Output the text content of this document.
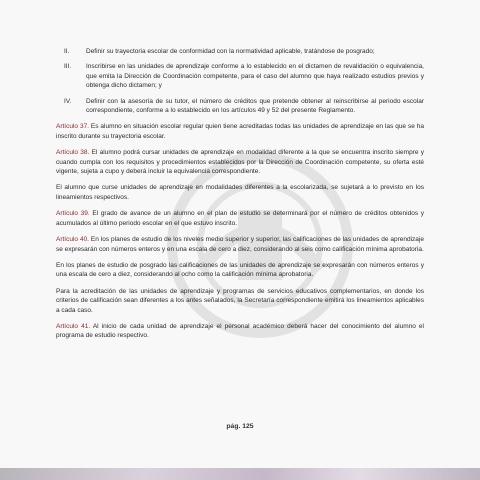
II.	Definir su trayectoria escolar de conformidad con la normatividad aplicable, tratándose de posgrado;
III.	Inscribirse en las unidades de aprendizaje conforme a lo establecido en el dictamen de revalidación o equivalencia, que emita la Dirección de Coordinación competente, para el caso del alumno que haya realizado estudios previos y obtenga dicho dictamen; y
IV.	Definir con la asesoría de su tutor, el número de créditos que pretende obtener al reinscribirse al periodo escolar correspondiente, conforme a lo establecido en los artículos 49 y 52 del presente Reglamento.

Artículo 37. Es alumno en situación escolar regular quien tiene acreditadas todas las unidades de aprendizaje en las que se ha inscrito durante su trayectoria escolar.

Artículo 38. El alumno podrá cursar unidades de aprendizaje en modalidad diferente a la que se encuentra inscrito siempre y cuando cumpla con los requisitos y procedimientos establecidos por la Dirección de Coordinación competente, su oferta esté vigente, sujeta a cupo y deberá incluir la equivalencia correspondiente.

El alumno que curse unidades de aprendizaje en modalidades diferentes a la escolarizada, se sujetará a lo previsto en los lineamientos respectivos.

Artículo 39. El grado de avance de un alumno en el plan de estudio se determinará por el número de créditos obtenidos y acumulados al último periodo escolar en el que estuvo inscrito.

Artículo 40. En los planes de estudio de los niveles medio superior y superior, las calificaciones de las unidades de aprendizaje se expresarán con números enteros y en una escala de cero a diez, considerando al seis como calificación mínima aprobatoria.

En los planes de estudio de posgrado las calificaciones de las unidades de aprendizaje se expresarán con números enteros y una escala de cero a diez, considerando al ocho como la calificación mínima aprobatoria.

Para la acreditación de las unidades de aprendizaje y programas de servicios educativos complementarios, en donde los criterios de calificación sean diferentes a los antes señalados, la Secretaría correspondiente emitirá los lineamientos aplicables a cada caso.

Artículo 41. Al inicio de cada unidad de aprendizaje el personal académico deberá hacer del conocimiento del alumno el programa de estudio respectivo.

pág. 125
